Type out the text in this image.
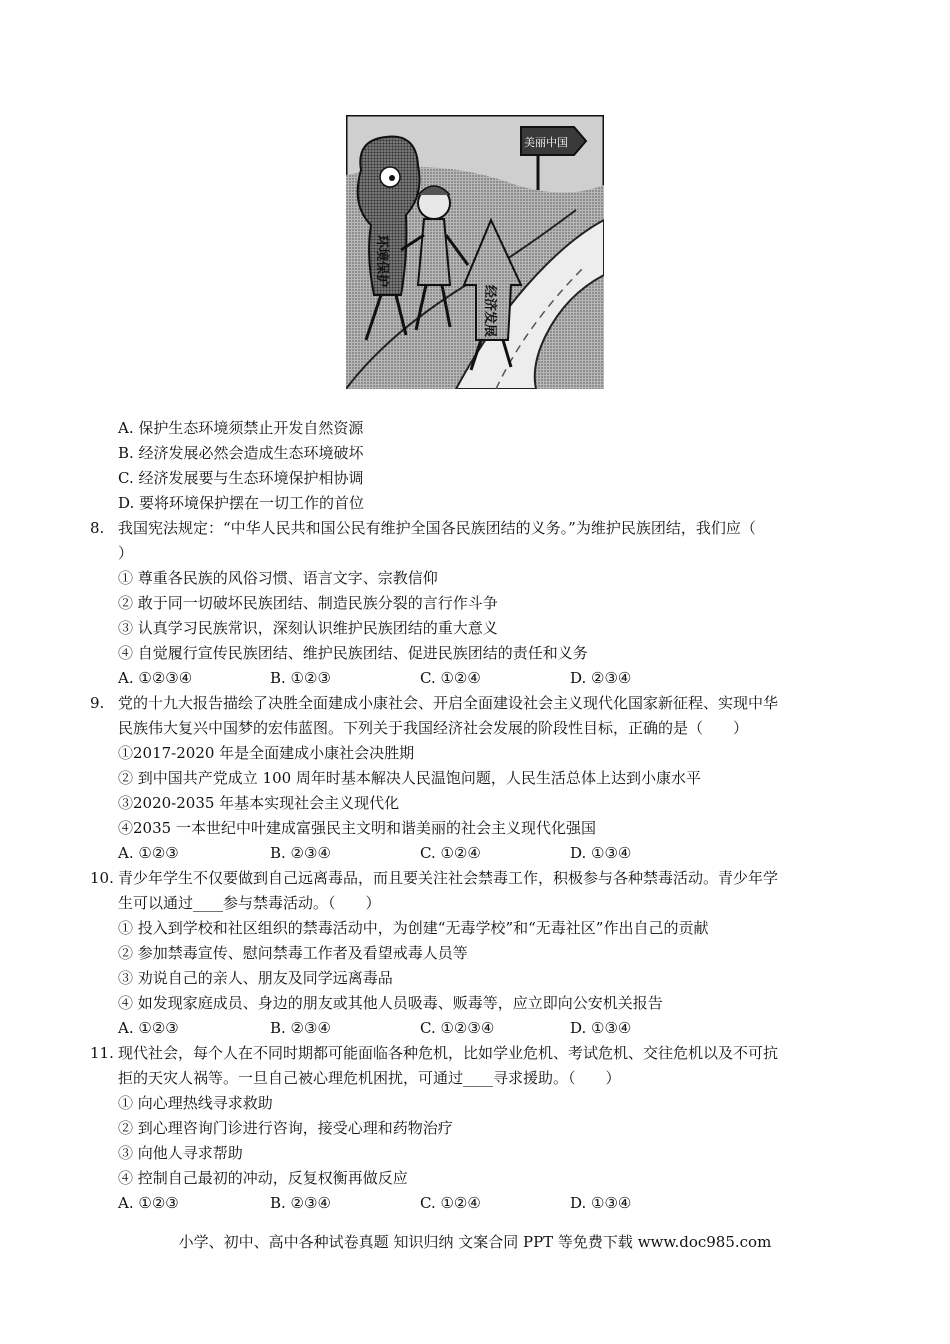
美丽中国
环境保护
经济发展
A. 保护生态环境须禁止开发自然资源
B. 经济发展必然会造成生态环境破坏
C. 经济发展要与生态环境保护相协调
D. 要将环境保护摆在一切工作的首位
8. 我国宪法规定：“中华人民共和国公民有维护全国各民族团结的义务。”为维护民族团结，我们应（
）
① 尊重各民族的风俗习惯、语言文字、宗教信仰
② 敢于同一切破坏民族团结、制造民族分裂的言行作斗争
③ 认真学习民族常识，深刻认识维护民族团结的重大意义
④ 自觉履行宣传民族团结、维护民族团结、促进民族团结的责任和义务
A. ①②③④	B. ①②③	C. ①②④	D. ②③④
9. 党的十九大报告描绘了决胜全面建成小康社会、开启全面建设社会主义现代化国家新征程、实现中华
民族伟大复兴中国梦的宏伟蓝图。下列关于我国经济社会发展的阶段性目标，正确的是（　　）
①2017-2020 年是全面建成小康社会决胜期
② 到中国共产党成立 100 周年时基本解决人民温饱问题，人民生活总体上达到小康水平
③2020-2035 年基本实现社会主义现代化
④2035 一本世纪中叶建成富强民主文明和谐美丽的社会主义现代化强国
A. ①②③	B. ②③④	C. ①②④	D. ①③④
10. 青少年学生不仅要做到自己远离毒品，而且要关注社会禁毒工作，积极参与各种禁毒活动。青少年学
生可以通过____参与禁毒活动。（　　）
① 投入到学校和社区组织的禁毒活动中，为创建“无毒学校”和“无毒社区”作出自己的贡献
② 参加禁毒宣传、慰问禁毒工作者及看望戒毒人员等
③ 劝说自己的亲人、朋友及同学远离毒品
④ 如发现家庭成员、身边的朋友或其他人员吸毒、贩毒等，应立即向公安机关报告
A. ①②③	B. ②③④	C. ①②③④	D. ①③④
11. 现代社会，每个人在不同时期都可能面临各种危机，比如学业危机、考试危机、交往危机以及不可抗
拒的天灾人祸等。一旦自己被心理危机困扰，可通过____寻求援助。（　　）
① 向心理热线寻求救助
② 到心理咨询门诊进行咨询，接受心理和药物治疗
③ 向他人寻求帮助
④ 控制自己最初的冲动，反复权衡再做反应
A. ①②③	B. ②③④	C. ①②④	D. ①③④
小学、初中、高中各种试卷真题 知识归纳 文案合同 PPT 等免费下载 www.doc985.com
